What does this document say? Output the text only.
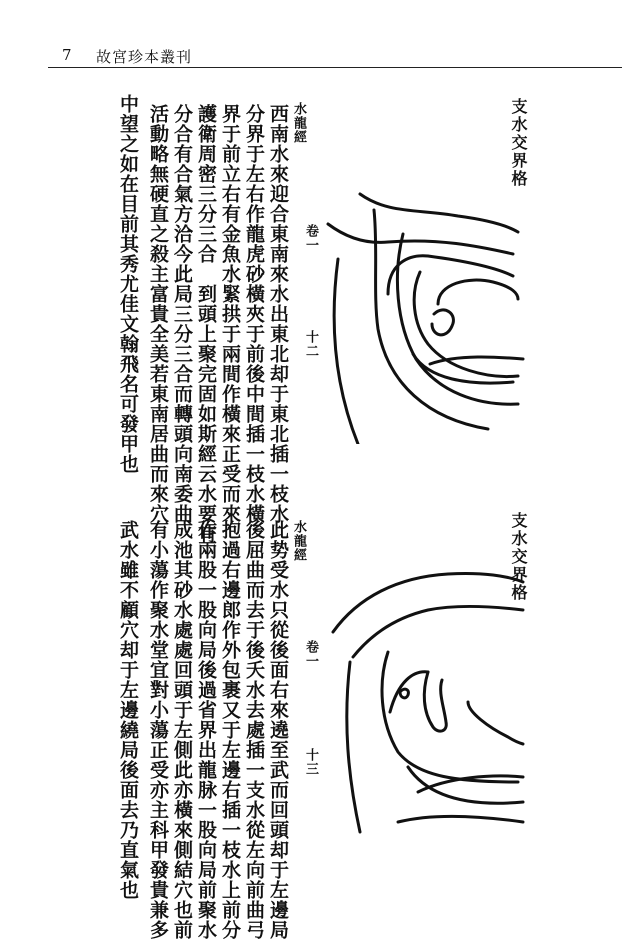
7 故宮珍本叢刊
支水交界格
水龍經
卷一
十二
西南水來迎合東南來水出東北却于東北插一枝水
分界于左右作龍虎砂橫夾于前後中間插一枝水橫
界于前立右有金魚水緊拱于兩間作橫來正受而來
護衛周密三分三合　到頭上聚完固如斯經云水要有
分合有合氣方洽今此局三分三合而轉頭向南委曲
活動略無硬直之殺主富貴全美若東南居曲而來穴
中望之如在目前其秀尤佳文翰飛名可發甲也
支水交界格
水龍經
卷一
十三
此势受水只從後面右來遶至武而回頭却于左邊局
後屈曲而去于後夭水去處插一支水從左向前曲弓
抱過右邊郎作外包裹又于左邊右插一枝水上前分
作兩股一股向局後過省界出龍脉一股向局前聚水
成池其砂水處處回頭于左側此亦橫來側結穴也前
有小蕩作聚水堂宜對小蕩正受亦主科甲發貴兼多
武水雖不顧穴却于左邊繞局後面去乃直氣也
